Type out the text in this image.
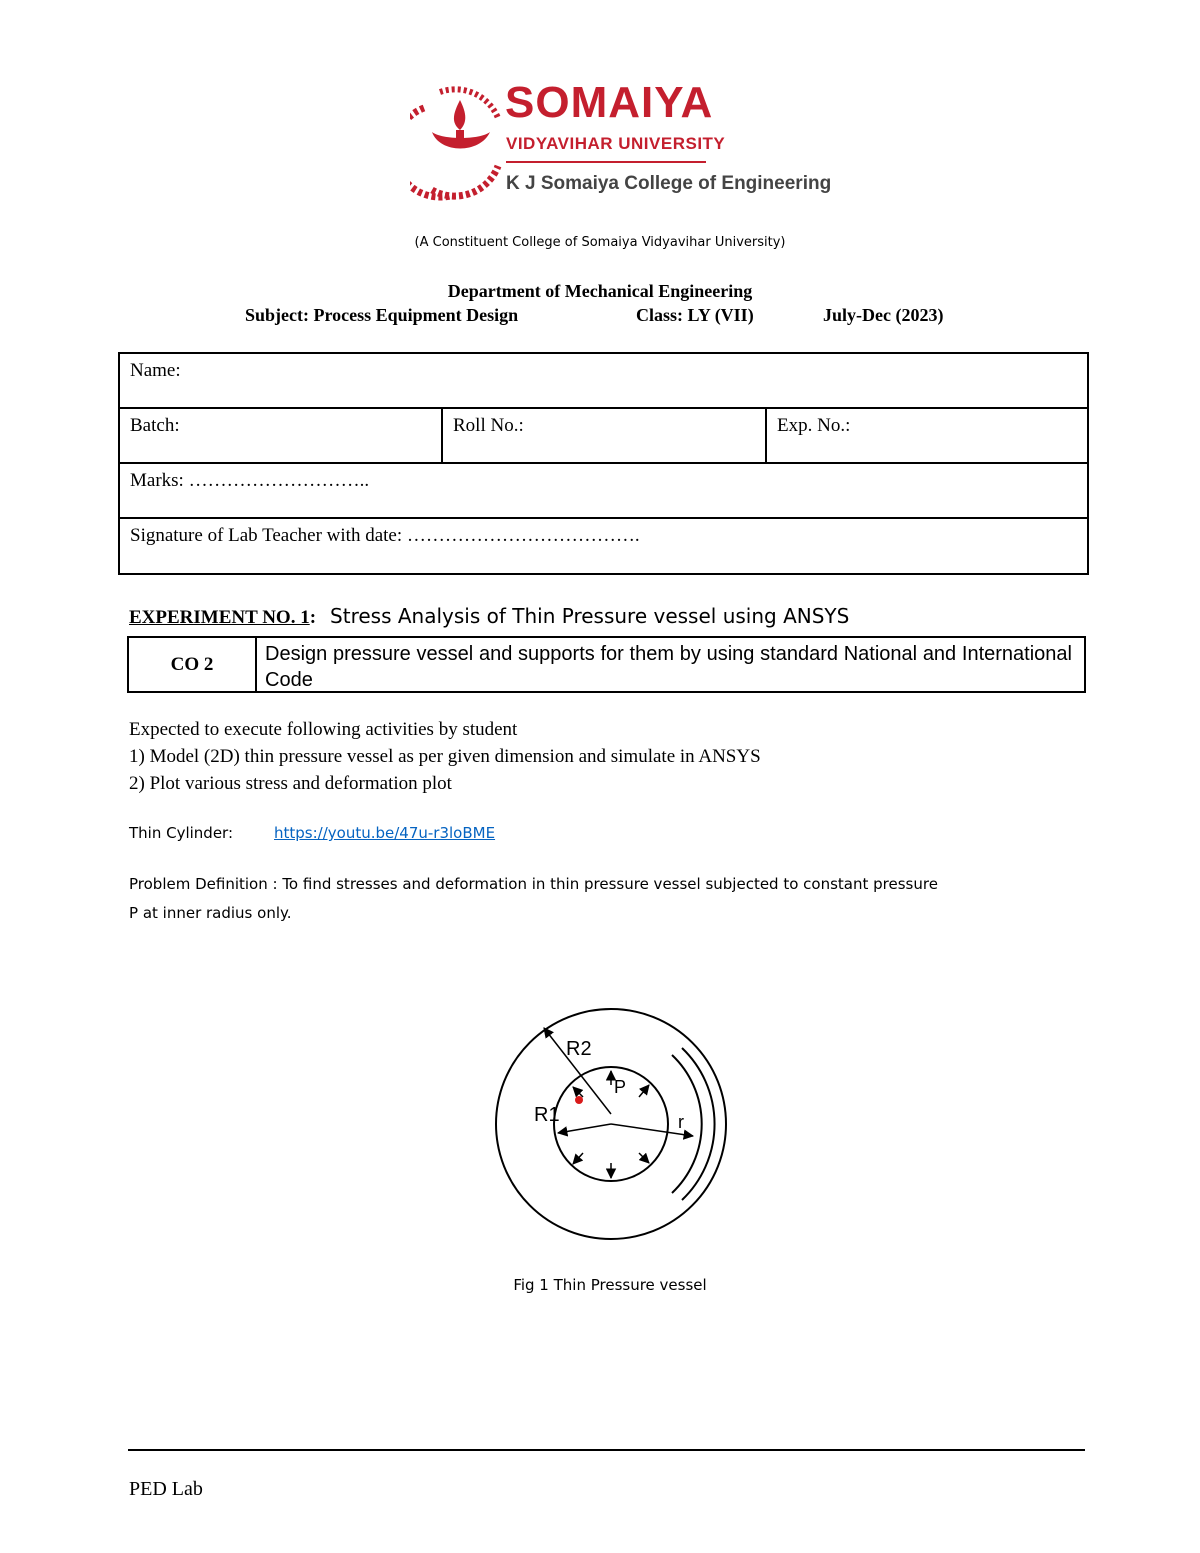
SOMAIYA
VIDYAVIHAR UNIVERSITY
K J Somaiya College of Engineering
(A Constituent College of Somaiya Vidyavihar University)
Department of Mechanical Engineering
Subject: Process Equipment Design	Class: LY (VII)	July-Dec (2023)
Name:
Batch:	Roll No.:	Exp. No.:
Marks: ………………………..
Signature of Lab Teacher with date: ……………………………….
EXPERIMENT NO. 1: Stress Analysis of Thin Pressure vessel using ANSYS
CO 2	Design pressure vessel and supports for them by using standard National and International Code
Expected to execute following activities by student
1) Model (2D) thin pressure vessel as per given dimension and simulate in ANSYS
2) Plot various stress and deformation plot
Thin Cylinder:	https://youtu.be/47u-r3loBME
Problem Definition : To find stresses and deformation in thin pressure vessel subjected to constant pressure
P at inner radius only.
R2
P
R1	r
Fig 1 Thin Pressure vessel
PED Lab
